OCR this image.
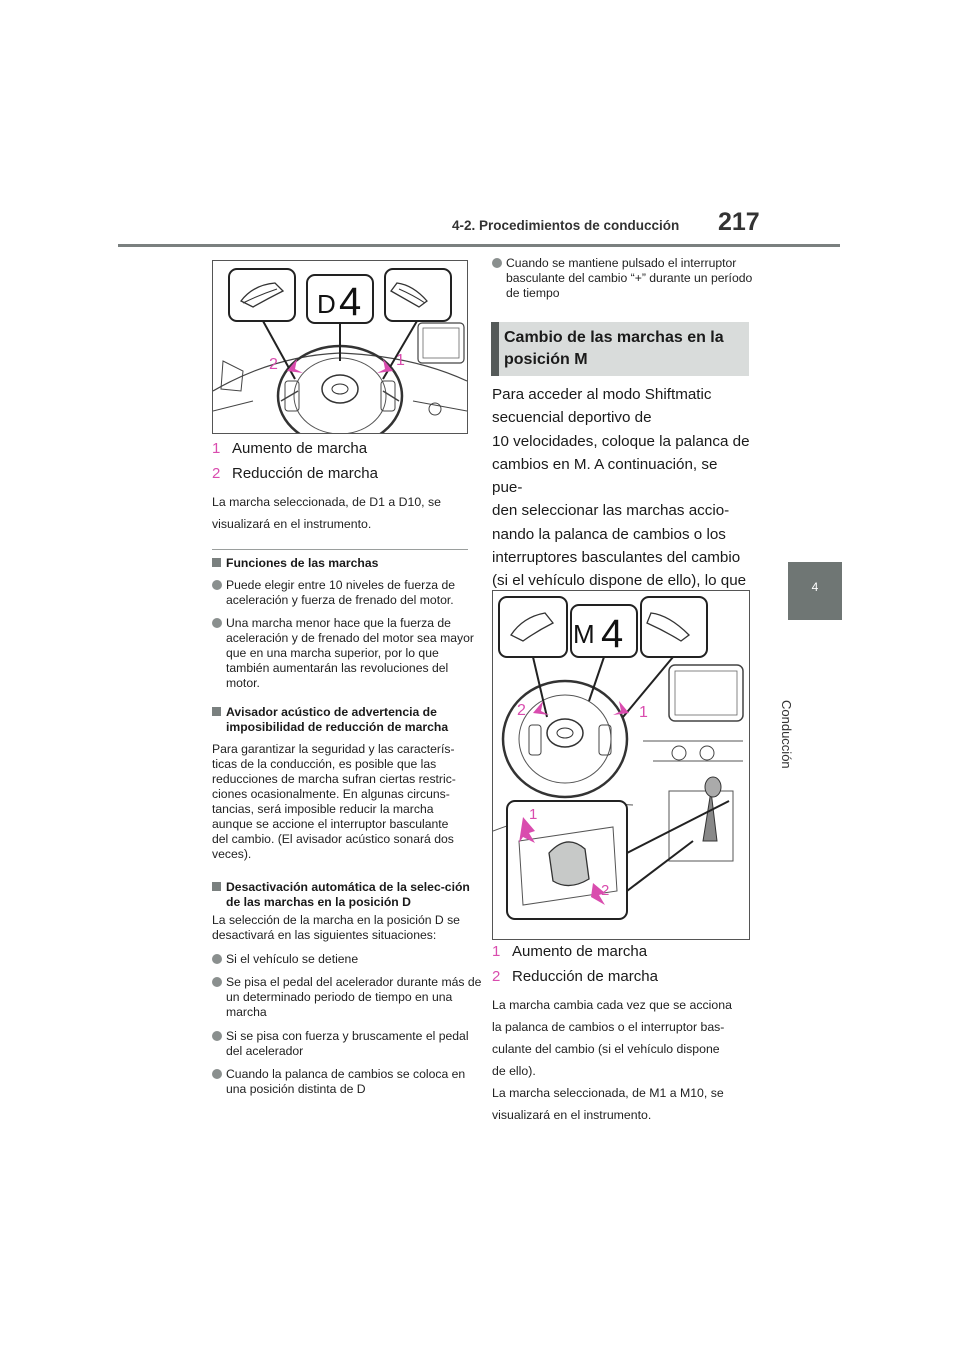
4-2. Procedimientos de conducción 217
4
Conducción
D 4
2	1
1 Aumento de marcha
2 Reducción de marcha
La marcha seleccionada, de D1 a D10, se
visualizará en el instrumento.
Funciones de las marchas
Puede elegir entre 10 niveles de fuerza de aceleración y fuerza de frenado del motor.
Una marcha menor hace que la fuerza de aceleración y de frenado del motor sea mayor que en una marcha superior, por lo que también aumentarán las revoluciones del motor.
Avisador acústico de advertencia de imposibilidad de reducción de marcha
Para garantizar la seguridad y las caracterís-ticas de la conducción, es posible que las reducciones de marcha sufran ciertas restric-ciones ocasionalmente. En algunas circuns-tancias, será imposible reducir la marcha aunque se accione el interruptor basculante del cambio. (El avisador acústico sonará dos veces).
Desactivación automática de la selec-ción de las marchas en la posición D
La selección de la marcha en la posición D se desactivará en las siguientes situaciones:
Si el vehículo se detiene
Se pisa el pedal del acelerador durante más de un determinado periodo de tiempo en una marcha
Si se pisa con fuerza y bruscamente el pedal del acelerador
Cuando la palanca de cambios se coloca en una posición distinta de D
Cuando se mantiene pulsado el interruptor basculante del cambio “+” durante un período de tiempo
Cambio de las marchas en la posición M
Para acceder al modo Shiftmatic
secuencial deportivo de
10 velocidades, coloque la palanca de
cambios en M. A continuación, se pue-
den seleccionar las marchas accio-
nando la palanca de cambios o los
interruptores basculantes del cambio
(si el vehículo dispone de ello), lo que
M 4
2	1
1
2
1 Aumento de marcha
2 Reducción de marcha
La marcha cambia cada vez que se acciona
la palanca de cambios o el interruptor bas-
culante del cambio (si el vehículo dispone
de ello).
La marcha seleccionada, de M1 a M10, se
visualizará en el instrumento.
